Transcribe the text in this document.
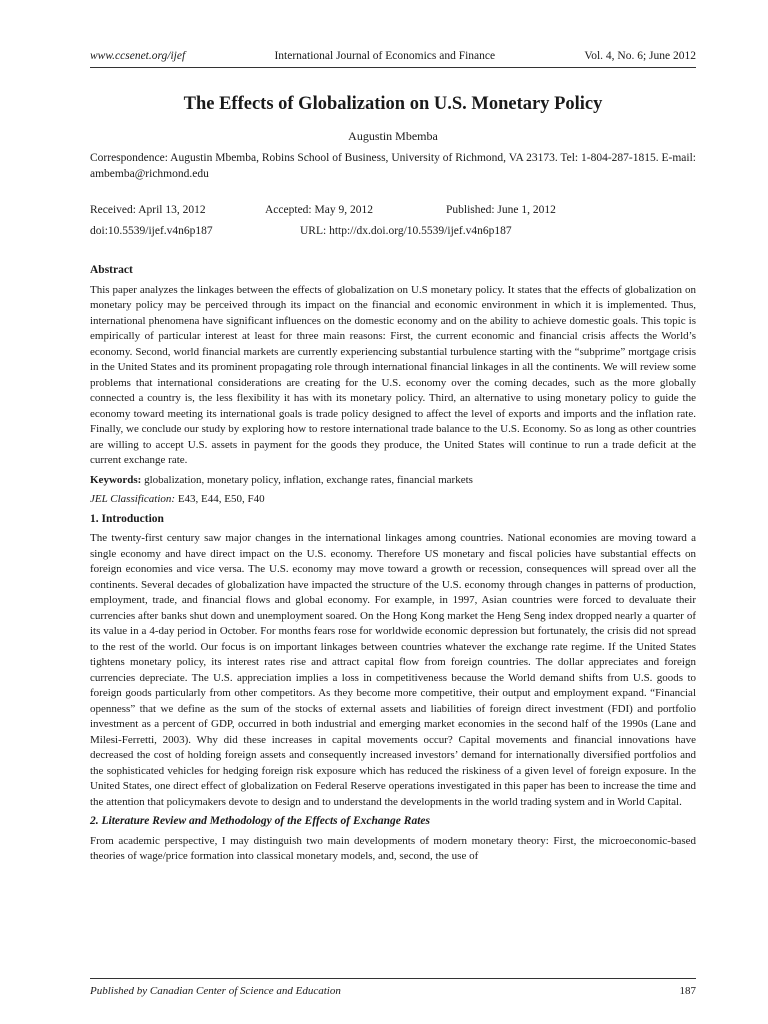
www.ccsenet.org/ijef	International Journal of Economics and Finance	Vol. 4, No. 6; June 2012
The Effects of Globalization on U.S. Monetary Policy
Augustin Mbemba
Correspondence: Augustin Mbemba, Robins School of Business, University of Richmond, VA 23173. Tel: 1-804-287-1815. E-mail: ambemba@richmond.edu
Received: April 13, 2012	Accepted: May 9, 2012	Published: June 1, 2012
doi:10.5539/ijef.v4n6p187	URL: http://dx.doi.org/10.5539/ijef.v4n6p187
Abstract

This paper analyzes the linkages between the effects of globalization on U.S monetary policy. It states that the effects of globalization on monetary policy may be perceived through its impact on the financial and economic environment in which it is implemented. Thus, international phenomena have significant influences on the domestic economy and on the ability to achieve domestic goals. This topic is empirically of particular interest at least for three main reasons: First, the current economic and financial crisis affects the World’s economy. Second, world financial markets are currently experiencing substantial turbulence starting with the “subprime” mortgage crisis in the United States and its prominent propagating role through international financial linkages in all the continents. We will review some problems that international considerations are creating for the U.S. economy over the coming decades, such as the more globally connected a country is, the less flexibility it has with its monetary policy. Third, an alternative to using monetary policy to guide the economy toward meeting its international goals is trade policy designed to affect the level of exports and imports and the inflation rate. Finally, we conclude our study by exploring how to restore international trade balance to the U.S. Economy. So as long as other countries are willing to accept U.S. assets in payment for the goods they produce, the United States will continue to run a trade deficit at the current exchange rate.

Keywords: globalization, monetary policy, inflation, exchange rates, financial markets
JEL Classification: E43, E44, E50, F40
1. Introduction

The twenty-first century saw major changes in the international linkages among countries. National economies are moving toward a single economy and have direct impact on the U.S. economy. Therefore US monetary and fiscal policies have substantial effects on foreign economies and vice versa. The U.S. economy may move toward a growth or recession, consequences will spread over all the continents. Several decades of globalization have impacted the structure of the U.S. economy through changes in patterns of production, employment, trade, and financial flows and global economy. For example, in 1997, Asian countries were forced to devaluate their currencies after banks shut down and unemployment soared. On the Hong Kong market the Heng Seng index dropped nearly a quarter of its value in a 4-day period in October. For months fears rose for worldwide economic depression but fortunately, the crisis did not spread to the rest of the world. Our focus is on important linkages between countries whatever the exchange rate regime. If the United States tightens monetary policy, its interest rates rise and attract capital flow from foreign countries. The dollar appreciates and foreign currencies depreciate. The U.S. appreciation implies a loss in competitiveness because the World demand shifts from U.S. goods to foreign goods particularly from other competitors. As they become more competitive, their output and employment expand. “Financial openness” that we define as the sum of the stocks of external assets and liabilities of foreign direct investment (FDI) and portfolio investment as a percent of GDP, occurred in both industrial and emerging market economies in the second half of the 1990s (Lane and Milesi-Ferretti, 2003). Why did these increases in capital movements occur? Capital movements and financial innovations have decreased the cost of holding foreign assets and consequently increased investors’ demand for internationally diversified portfolios and the sophisticated vehicles for hedging foreign risk exposure which has reduced the riskiness of a given level of foreign exposure. In the United States, one direct effect of globalization on Federal Reserve operations investigated in this paper has been to increase the time and the attention that policymakers devote to design and to understand the developments in the world trading system and in World Capital.

2. Literature Review and Methodology of the Effects of Exchange Rates

From academic perspective, I may distinguish two main developments of modern monetary theory: First, the microeconomic-based theories of wage/price formation into classical monetary models, and, second, the use of

Published by Canadian Center of Science and Education	187
